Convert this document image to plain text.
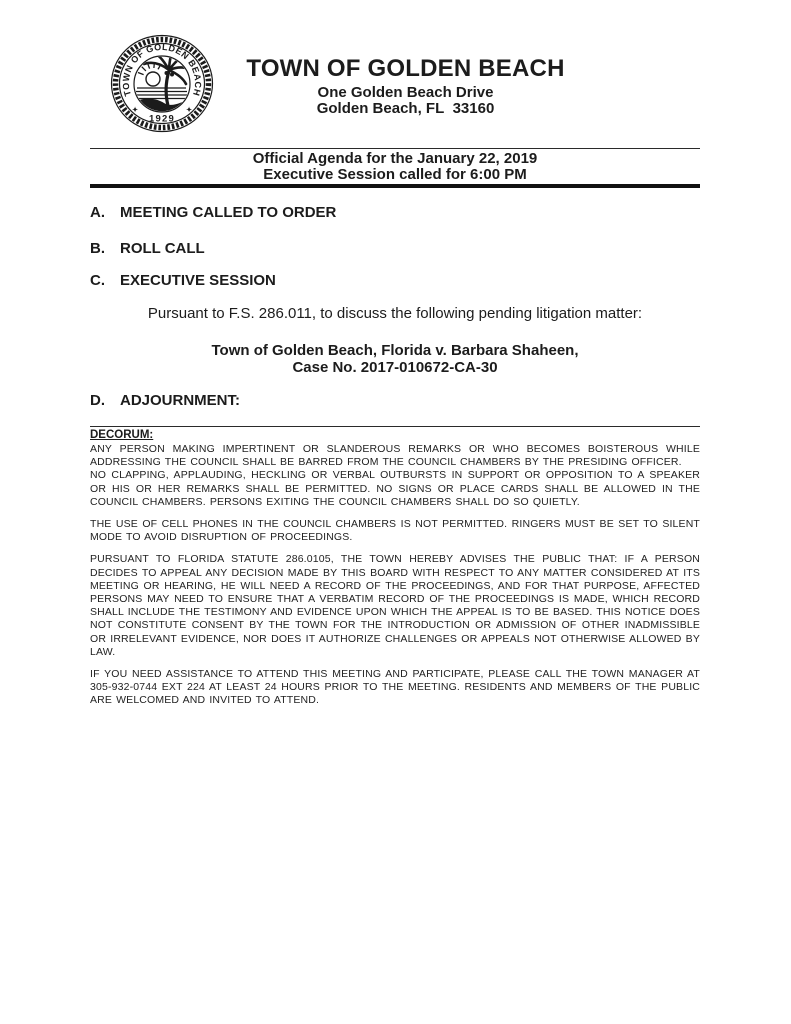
TOWN OF GOLDEN BEACH
1929
✦	✦
TOWN OF GOLDEN BEACH
One Golden Beach Drive
Golden Beach, FL  33160
Official Agenda for the January 22, 2019
Executive Session called for 6:00 PM
A.	MEETING CALLED TO ORDER
B.	ROLL CALL
C.	EXECUTIVE SESSION
Pursuant to F.S. 286.011, to discuss the following pending litigation matter:
Town of Golden Beach, Florida v. Barbara Shaheen,
Case No. 2017-010672-CA-30
D.	ADJOURNMENT:
DECORUM:

ANY PERSON MAKING IMPERTINENT OR SLANDEROUS REMARKS OR WHO BECOMES BOISTEROUS WHILE ADDRESSING THE COUNCIL SHALL BE BARRED FROM THE COUNCIL CHAMBERS BY THE PRESIDING OFFICER.

NO CLAPPING, APPLAUDING, HECKLING OR VERBAL OUTBURSTS IN SUPPORT OR OPPOSITION TO A SPEAKER OR HIS OR HER REMARKS SHALL BE PERMITTED. NO SIGNS OR PLACE CARDS SHALL BE ALLOWED IN THE COUNCIL CHAMBERS. PERSONS EXITING THE COUNCIL CHAMBERS SHALL DO SO QUIETLY.

THE USE OF CELL PHONES IN THE COUNCIL CHAMBERS IS NOT PERMITTED. RINGERS MUST BE SET TO SILENT MODE TO AVOID DISRUPTION OF PROCEEDINGS.

PURSUANT TO FLORIDA STATUTE 286.0105, THE TOWN HEREBY ADVISES THE PUBLIC THAT: IF A PERSON DECIDES TO APPEAL ANY DECISION MADE BY THIS BOARD WITH RESPECT TO ANY MATTER CONSIDERED AT ITS MEETING OR HEARING, HE WILL NEED A RECORD OF THE PROCEEDINGS, AND FOR THAT PURPOSE, AFFECTED PERSONS MAY NEED TO ENSURE THAT A VERBATIM RECORD OF THE PROCEEDINGS IS MADE, WHICH RECORD SHALL INCLUDE THE TESTIMONY AND EVIDENCE UPON WHICH THE APPEAL IS TO BE BASED. THIS NOTICE DOES NOT CONSTITUTE CONSENT BY THE TOWN FOR THE INTRODUCTION OR ADMISSION OF OTHER INADMISSIBLE OR IRRELEVANT EVIDENCE, NOR DOES IT AUTHORIZE CHALLENGES OR APPEALS NOT OTHERWISE ALLOWED BY LAW.

IF YOU NEED ASSISTANCE TO ATTEND THIS MEETING AND PARTICIPATE, PLEASE CALL THE TOWN MANAGER AT 305-932-0744 EXT 224 AT LEAST 24 HOURS PRIOR TO THE MEETING. RESIDENTS AND MEMBERS OF THE PUBLIC ARE WELCOMED AND INVITED TO ATTEND.
